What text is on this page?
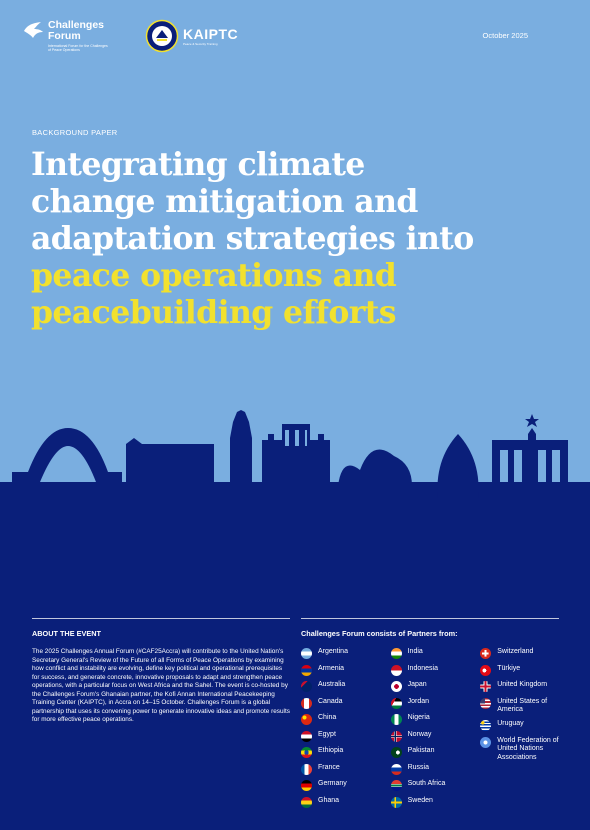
Challenges
Forum
International Forum for the Challenges of Peace Operations
KAIPTC
Peace & Security Training
October 2025
BACKGROUND PAPER
Integrating climate
change mitigation and
adaptation strategies into
peace operations and
peacebuilding efforts
ABOUT THE EVENT

The 2025 Challenges Annual Forum (#CAF25Accra) will contribute to the United Nation's Secretary General's Review of the Future of all Forms of Peace Operations by examining how conflict and instability are evolving, define key political and operational prerequisites for success, and generate concrete, innovative proposals to adapt and strengthen peace operations, with a particular focus on West Africa and the Sahel. The event is co-hosted by the Challenges Forum's Ghanaian partner, the Kofi Annan International Peacekeeping Training Center (KAIPTC), in Accra on 14–15 October. Challenges Forum is a global partnership that uses its convening power to generate innovative ideas and promote results for more effective peace operations.

Challenges Forum consists of Partners from:
Argentina
Armenia
Australia
Canada
China
Egypt
Ethiopia
France
Germany
Ghana
India
Indonesia
Japan
Jordan
Nigeria
Norway
Pakistan
Russia
South Africa
Sweden
Switzerland
Türkiye
United Kingdom
United States of America
Uruguay
World Federation of United Nations Associations
